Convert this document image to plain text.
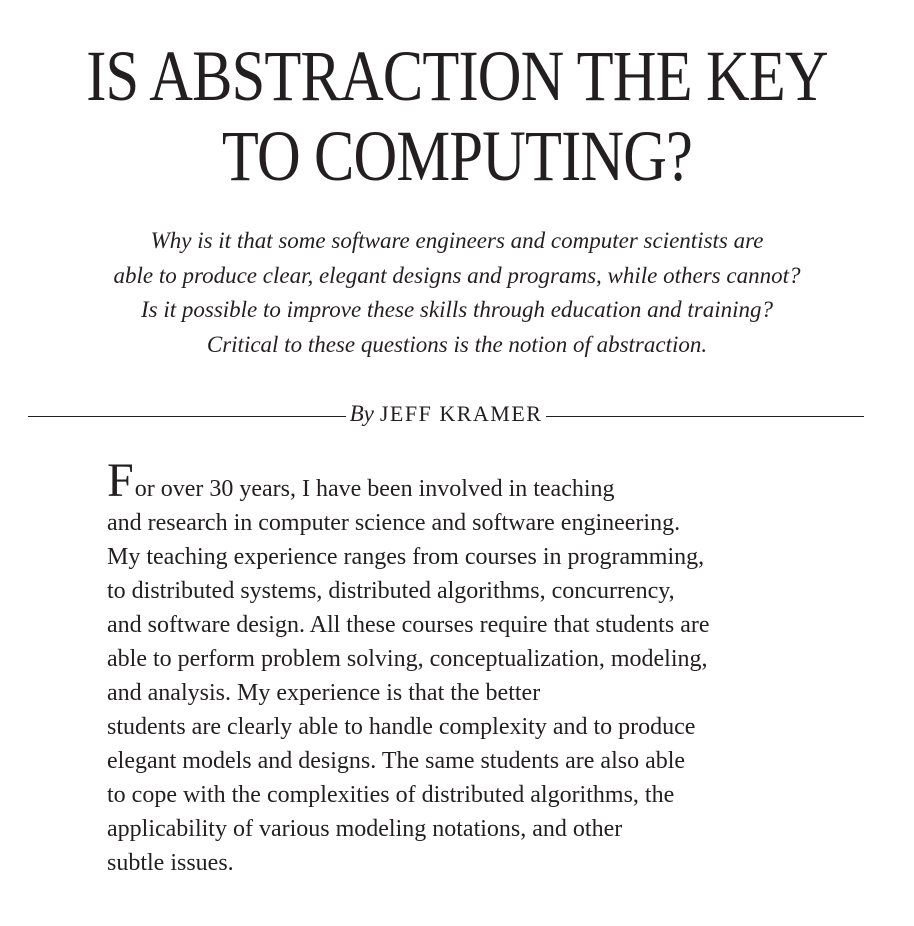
IS ABSTRACTION THE KEY
TO COMPUTING?
Why is it that some software engineers and computer scientists are
able to produce clear, elegant designs and programs, while others cannot?
Is it possible to improve these skills through education and training?
Critical to these questions is the notion of abstraction.
By JEFF KRAMER
For over 30 years, I have been involved in teaching
and research in computer science and software engineering.
My teaching experience ranges from courses in programming,
to distributed systems, distributed algorithms, concurrency,
and software design. All these courses require that students are
able to perform problem solving, conceptualization, modeling,
and analysis. My experience is that the better
students are clearly able to handle complexity and to produce
elegant models and designs. The same students are also able
to cope with the complexities of distributed algorithms, the
applicability of various modeling notations, and other
subtle issues.
